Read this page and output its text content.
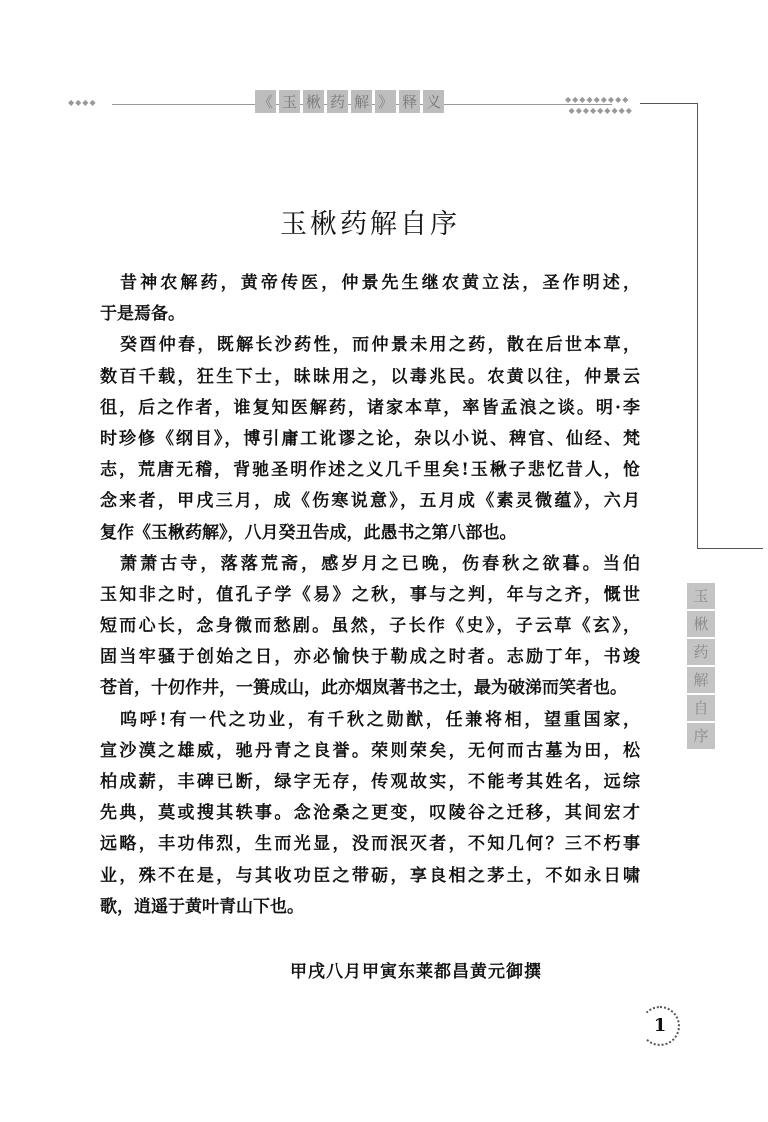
◆◆◆◆	《 玉 楸 药 解 》 释 义	◆◆◆◆◆◆◆◆◆
◆◆◆◆◆◆◆◆◆
玉
楸
药
解
自
序
玉楸药解自序
昔神农解药，黄帝传医，仲景先生继农黄立法，圣作明述，
于是焉备。
癸酉仲春，既解长沙药性，而仲景未用之药，散在后世本草，
数百千载，狂生下士，昧昧用之，以毒兆民。农黄以往，仲景云
徂，后之作者，谁复知医解药，诸家本草，率皆孟浪之谈。明·李
时珍修《纲目》，博引庸工讹谬之论，杂以小说、稗官、仙经、梵
志，荒唐无稽，背驰圣明作述之义几千里矣!玉楸子悲忆昔人，怆
念来者，甲戌三月，成《伤寒说意》，五月成《素灵微蕴》，六月
复作《玉楸药解》，八月癸丑告成，此愚书之第八部也。
萧萧古寺，落落荒斋，感岁月之已晚，伤春秋之欲暮。当伯
玉知非之时，值孔子学《易》之秋，事与之判，年与之齐，慨世
短而心长，念身微而愁剧。虽然，子长作《史》，子云草《玄》，
固当牢骚于创始之日，亦必愉快于勒成之时者。志励丁年，书竣
苍首，十仞作井，一篑成山，此亦烟岚著书之士，最为破涕而笑者也。
呜呼!有一代之功业，有千秋之勋猷，任兼将相，望重国家，
宣沙漠之雄威，驰丹青之良誉。荣则荣矣，无何而古墓为田，松
柏成薪，丰碑已断，绿字无存，传观故实，不能考其姓名，远综
先典，莫或搜其轶事。念沧桑之更变，叹陵谷之迁移，其间宏才
远略，丰功伟烈，生而光显，没而泯灭者，不知几何？三不朽事
业，殊不在是，与其收功臣之带砺，享良相之茅土，不如永日啸
歌，逍遥于黄叶青山下也。
甲戌八月甲寅东莱都昌黄元御撰
1
